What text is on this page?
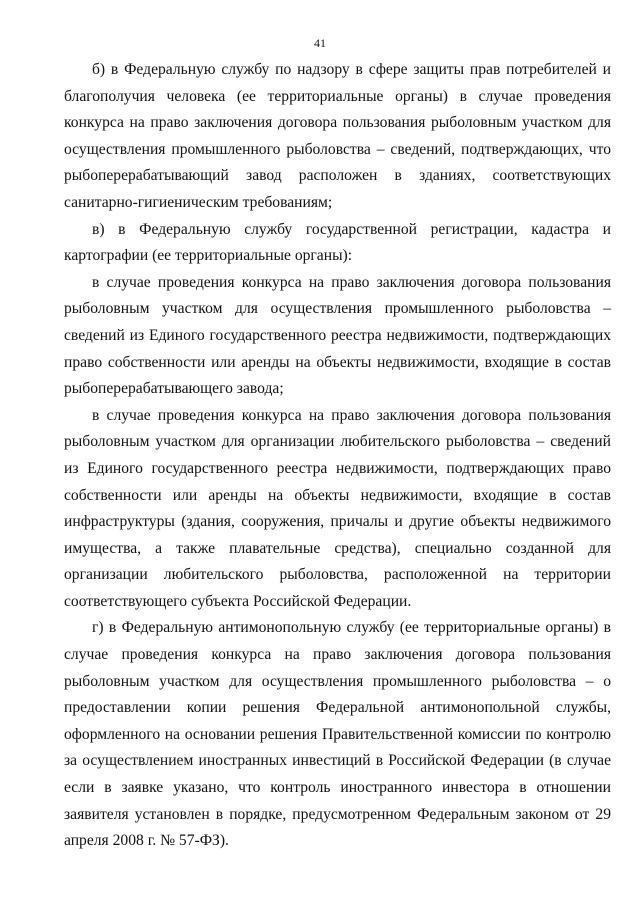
41

б) в Федеральную службу по надзору в сфере защиты прав потребителей и благополучия человека (ее территориальные органы) в случае проведения конкурса на право заключения договора пользования рыболовным участком для осуществления промышленного рыболовства – сведений, подтверждающих, что рыбоперерабатывающий завод расположен в зданиях, соответствующих санитарно-гигиеническим требованиям;

в) в Федеральную службу государственной регистрации, кадастра и картографии (ее территориальные органы):

в случае проведения конкурса на право заключения договора пользования рыболовным участком для осуществления промышленного рыболовства – сведений из Единого государственного реестра недвижимости, подтверждающих право собственности или аренды на объекты недвижимости, входящие в состав рыбоперерабатывающего завода;

в случае проведения конкурса на право заключения договора пользования рыболовным участком для организации любительского рыболовства – сведений из Единого государственного реестра недвижимости, подтверждающих право собственности или аренды на объекты недвижимости, входящие в состав инфраструктуры (здания, сооружения, причалы и другие объекты недвижимого имущества, а также плавательные средства), специально созданной для организации любительского рыболовства, расположенной на территории соответствующего субъекта Российской Федерации.

г) в Федеральную антимонопольную службу (ее территориальные органы) в случае проведения конкурса на право заключения договора пользования рыболовным участком для осуществления промышленного рыболовства – о предоставлении копии решения Федеральной антимонопольной службы, оформленного на основании решения Правительственной комиссии по контролю за осуществлением иностранных инвестиций в Российской Федерации (в случае если в заявке указано, что контроль иностранного инвестора в отношении заявителя установлен в порядке, предусмотренном Федеральным законом от 29 апреля 2008 г. № 57-ФЗ).
